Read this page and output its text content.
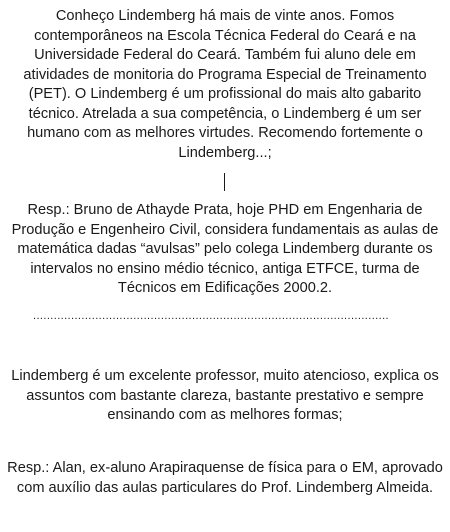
Conheço Lindemberg há mais de vinte anos. Fomos contemporâneos na Escola Técnica Federal do Ceará e na Universidade Federal do Ceará. Também fui aluno dele em atividades de monitoria do Programa Especial de Treinamento (PET). O Lindemberg é um profissional do mais alto gabarito técnico. Atrelada a sua competência, o Lindemberg é um ser humano com as melhores virtudes. Recomendo fortemente o Lindemberg...;

Resp.: Bruno de Athayde Prata, hoje PHD em Engenharia de Produção e Engenheiro Civil, considera fundamentais as aulas de matemática dadas “avulsas” pelo colega Lindemberg durante os intervalos no ensino médio técnico, antiga ETFCE, turma de Técnicos em Edificações 2000.2.

.......................................................................................................

Lindemberg é um excelente professor, muito atencioso, explica os assuntos com bastante clareza, bastante prestativo e sempre ensinando com as melhores formas;

Resp.: Alan, ex-aluno Arapiraquense de física para o EM, aprovado com auxílio das aulas particulares do Prof. Lindemberg Almeida.
